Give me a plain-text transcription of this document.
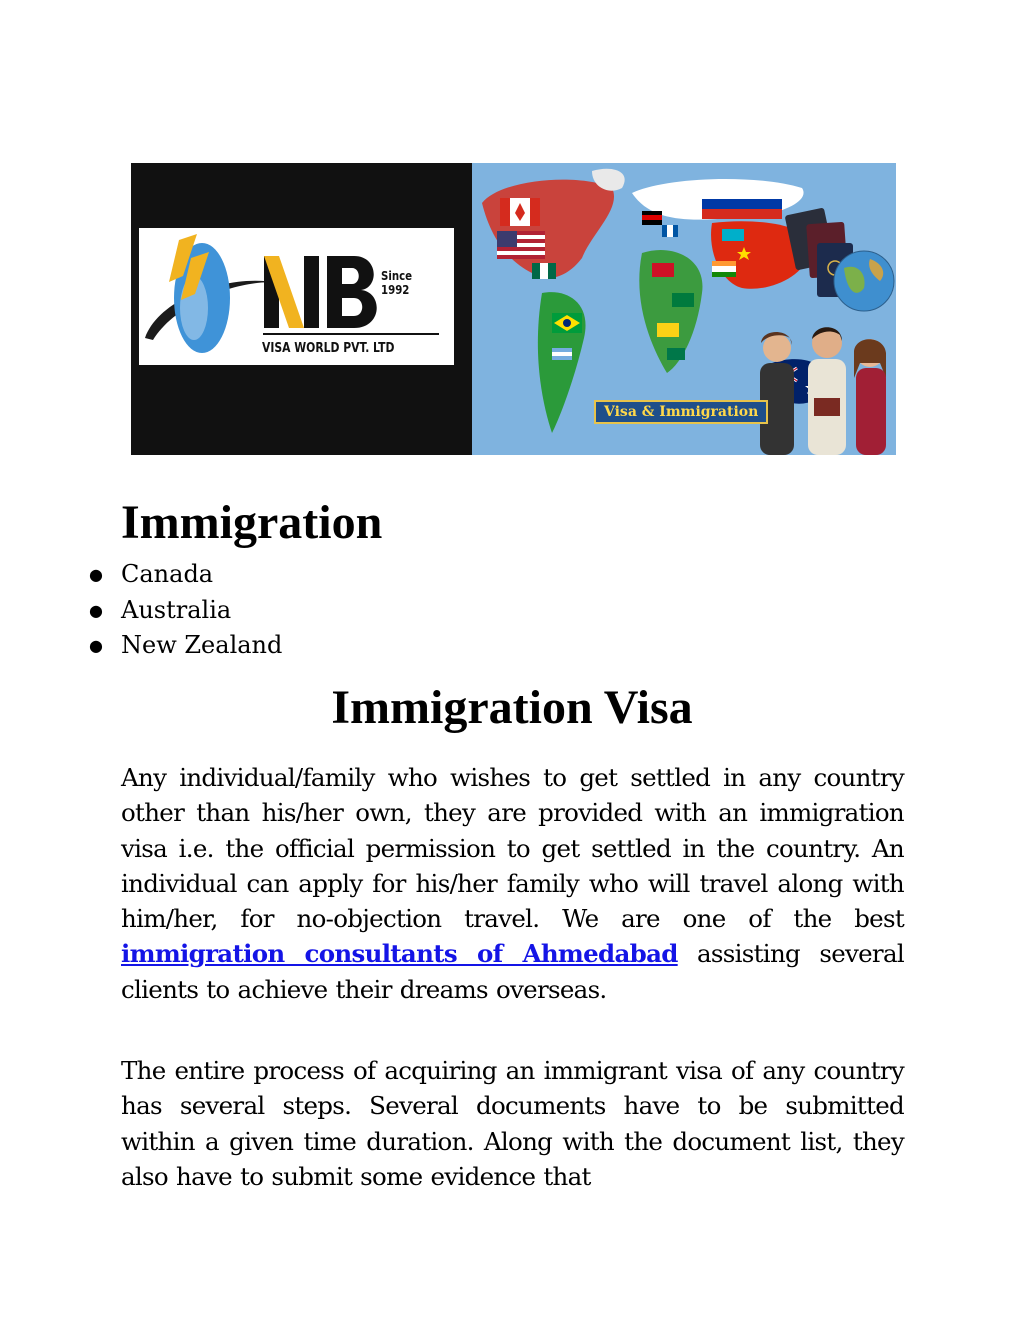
Since 1992
VISA WORLD PVT. LTD
Visa & Immigration
Immigration
● Canada
● Australia
● New Zealand
Immigration Visa

Any individual/family who wishes to get settled in any country other than his/her own, they are provided with an immigration visa i.e. the official permission to get settled in the country. An individual can apply for his/her family who will travel along with him/her, for no-objection travel. We are one of the best immigration consultants of Ahmedabad assisting several clients to achieve their dreams overseas.

The entire process of acquiring an immigrant visa of any country has several steps. Several documents have to be submitted within a given time duration. Along with the document list, they also have to submit some evidence that
